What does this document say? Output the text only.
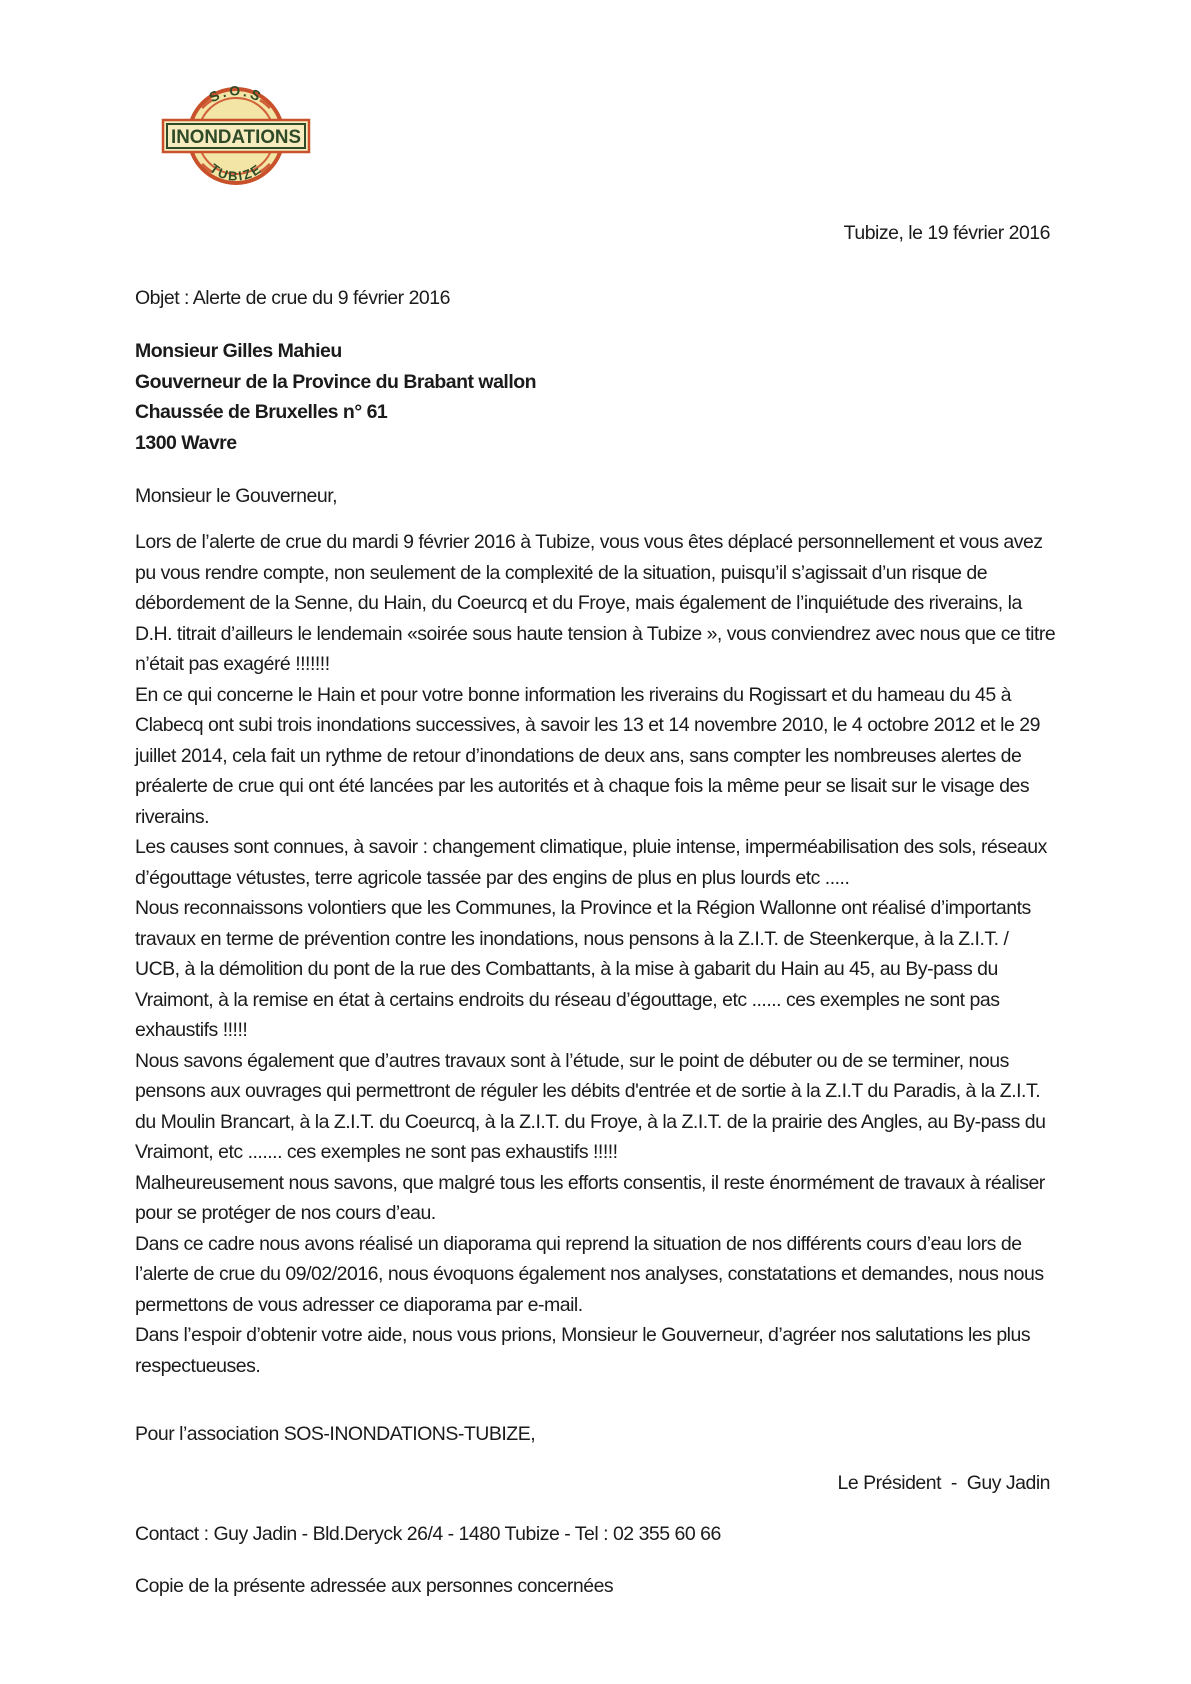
S.O.S
INONDATIONS
TUBIZE
Tubize, le 19 février 2016
Objet : Alerte de crue du 9 février 2016
Monsieur Gilles Mahieu
Gouverneur de la Province du Brabant wallon
Chaussée de Bruxelles n° 61
1300 Wavre
Monsieur le Gouverneur,

Lors de l’alerte de crue du mardi 9 février 2016 à Tubize, vous vous êtes déplacé personnellement et vous avez pu vous rendre compte, non seulement de la complexité de la situation, puisqu’il s’agissait d’un risque de débordement de la Senne, du Hain, du Coeurcq et du Froye, mais également de l’inquiétude des riverains, la D.H. titrait d’ailleurs le lendemain «soirée sous haute tension à Tubize », vous conviendrez avec nous que ce titre n’était pas exagéré !!!!!!!

En ce qui concerne le Hain et pour votre bonne information les riverains du Rogissart et du hameau du 45 à Clabecq ont subi trois inondations successives, à savoir les 13 et 14 novembre 2010, le 4 octobre 2012 et le 29 juillet 2014, cela fait un rythme de retour d’inondations de deux ans, sans compter les nombreuses alertes de préalerte de crue qui ont été lancées par les autorités et à chaque fois la même peur se lisait sur le visage des riverains.

Les causes sont connues, à savoir : changement climatique, pluie intense, imperméabilisation des sols, réseaux d’égouttage vétustes, terre agricole tassée par des engins de plus en plus lourds etc .....

Nous reconnaissons volontiers que les Communes, la Province et la Région Wallonne ont réalisé d’importants travaux en terme de prévention contre les inondations, nous pensons à la Z.I.T. de Steenkerque, à la Z.I.T. / UCB, à la démolition du pont de la rue des Combattants, à la mise à gabarit du Hain au 45, au By-pass du Vraimont, à la remise en état à certains endroits du réseau d’égouttage, etc ...... ces exemples ne sont pas exhaustifs !!!!!

Nous savons également que d’autres travaux sont à l’étude, sur le point de débuter ou de se terminer, nous pensons aux ouvrages qui permettront de réguler les débits d'entrée et de sortie à la Z.I.T du Paradis, à la Z.I.T. du Moulin Brancart, à la Z.I.T. du Coeurcq, à la Z.I.T. du Froye, à la Z.I.T. de la prairie des Angles, au By-pass du Vraimont, etc ....... ces exemples ne sont pas exhaustifs !!!!!

Malheureusement nous savons, que malgré tous les efforts consentis, il reste énormément de travaux à réaliser pour se protéger de nos cours d’eau.

Dans ce cadre nous avons réalisé un diaporama qui reprend la situation de nos différents cours d’eau lors de l’alerte de crue du 09/02/2016, nous évoquons également nos analyses, constatations et demandes, nous nous permettons de vous adresser ce diaporama par e-mail.

Dans l’espoir d’obtenir votre aide, nous vous prions, Monsieur le Gouverneur, d’agréer nos salutations les plus respectueuses.

Pour l’association SOS-INONDATIONS-TUBIZE,
Le Président  -  Guy Jadin
Contact : Guy Jadin - Bld.Deryck 26/4 - 1480 Tubize - Tel : 02 355 60 66
Copie de la présente adressée aux personnes concernées
